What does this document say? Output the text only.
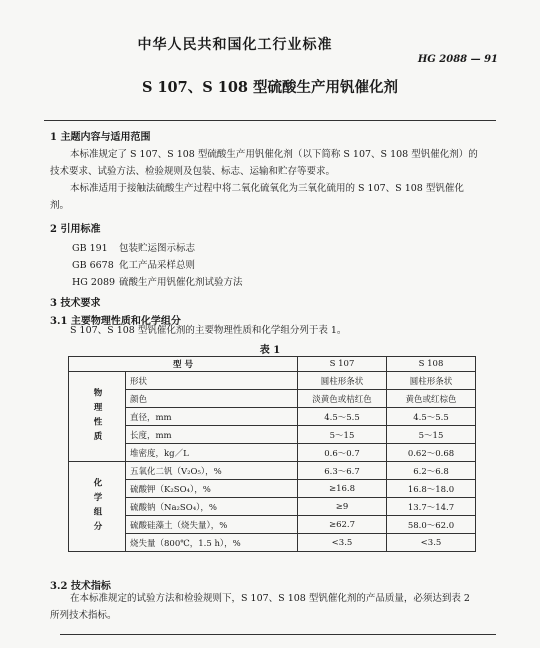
中华人民共和国化工行业标准
HG 2088 — 91
S 107、S 108 型硫酸生产用钒催化剂
1 主题内容与适用范围
本标准规定了 S 107、S 108 型硫酸生产用钒催化剂（以下简称 S 107、S 108 型钒催化剂）的
技术要求、试验方法、检验规则及包装、标志、运输和贮存等要求。
本标准适用于接触法硫酸生产过程中将二氧化硫氧化为三氧化硫用的 S 107、S 108 型钒催化
剂。
2 引用标准
GB 191 包装贮运图示标志
GB 6678 化工产品采样总则
HG 2089 硫酸生产用钒催化剂试验方法
3 技术要求
3.1 主要物理性质和化学组分
S 107、S 108 型钒催化剂的主要物理性质和化学组分列于表 1。
表 1
型 号		S 107	S 108

物理性质	形状	圆柱形条状	圆柱形条状
	颜色	淡黄色或桔红色	黄色或红棕色
	直径，mm	4.5～5.5	4.5～5.5
	长度，mm	5～15	5～15
	堆密度，kg／L	0.6～0.7	0.62～0.68

化学组分	五氧化二钒（V₂O₅），%	6.3～6.7	6.2～6.8
	硫酸钾（K₂SO₄），%	≥16.8	16.8～18.0
	硫酸钠（Na₂SO₄），%	≥9	13.7～14.7
	硫酸硅藻土（烧失量），%	≥62.7	58.0～62.0
	烧失量（800℃，1.5 h），%	<3.5	<3.5
3.2 技术指标
在本标准规定的试验方法和检验规则下，S 107、S 108 型钒催化剂的产品质量，必须达到表 2
所列技术指标。
